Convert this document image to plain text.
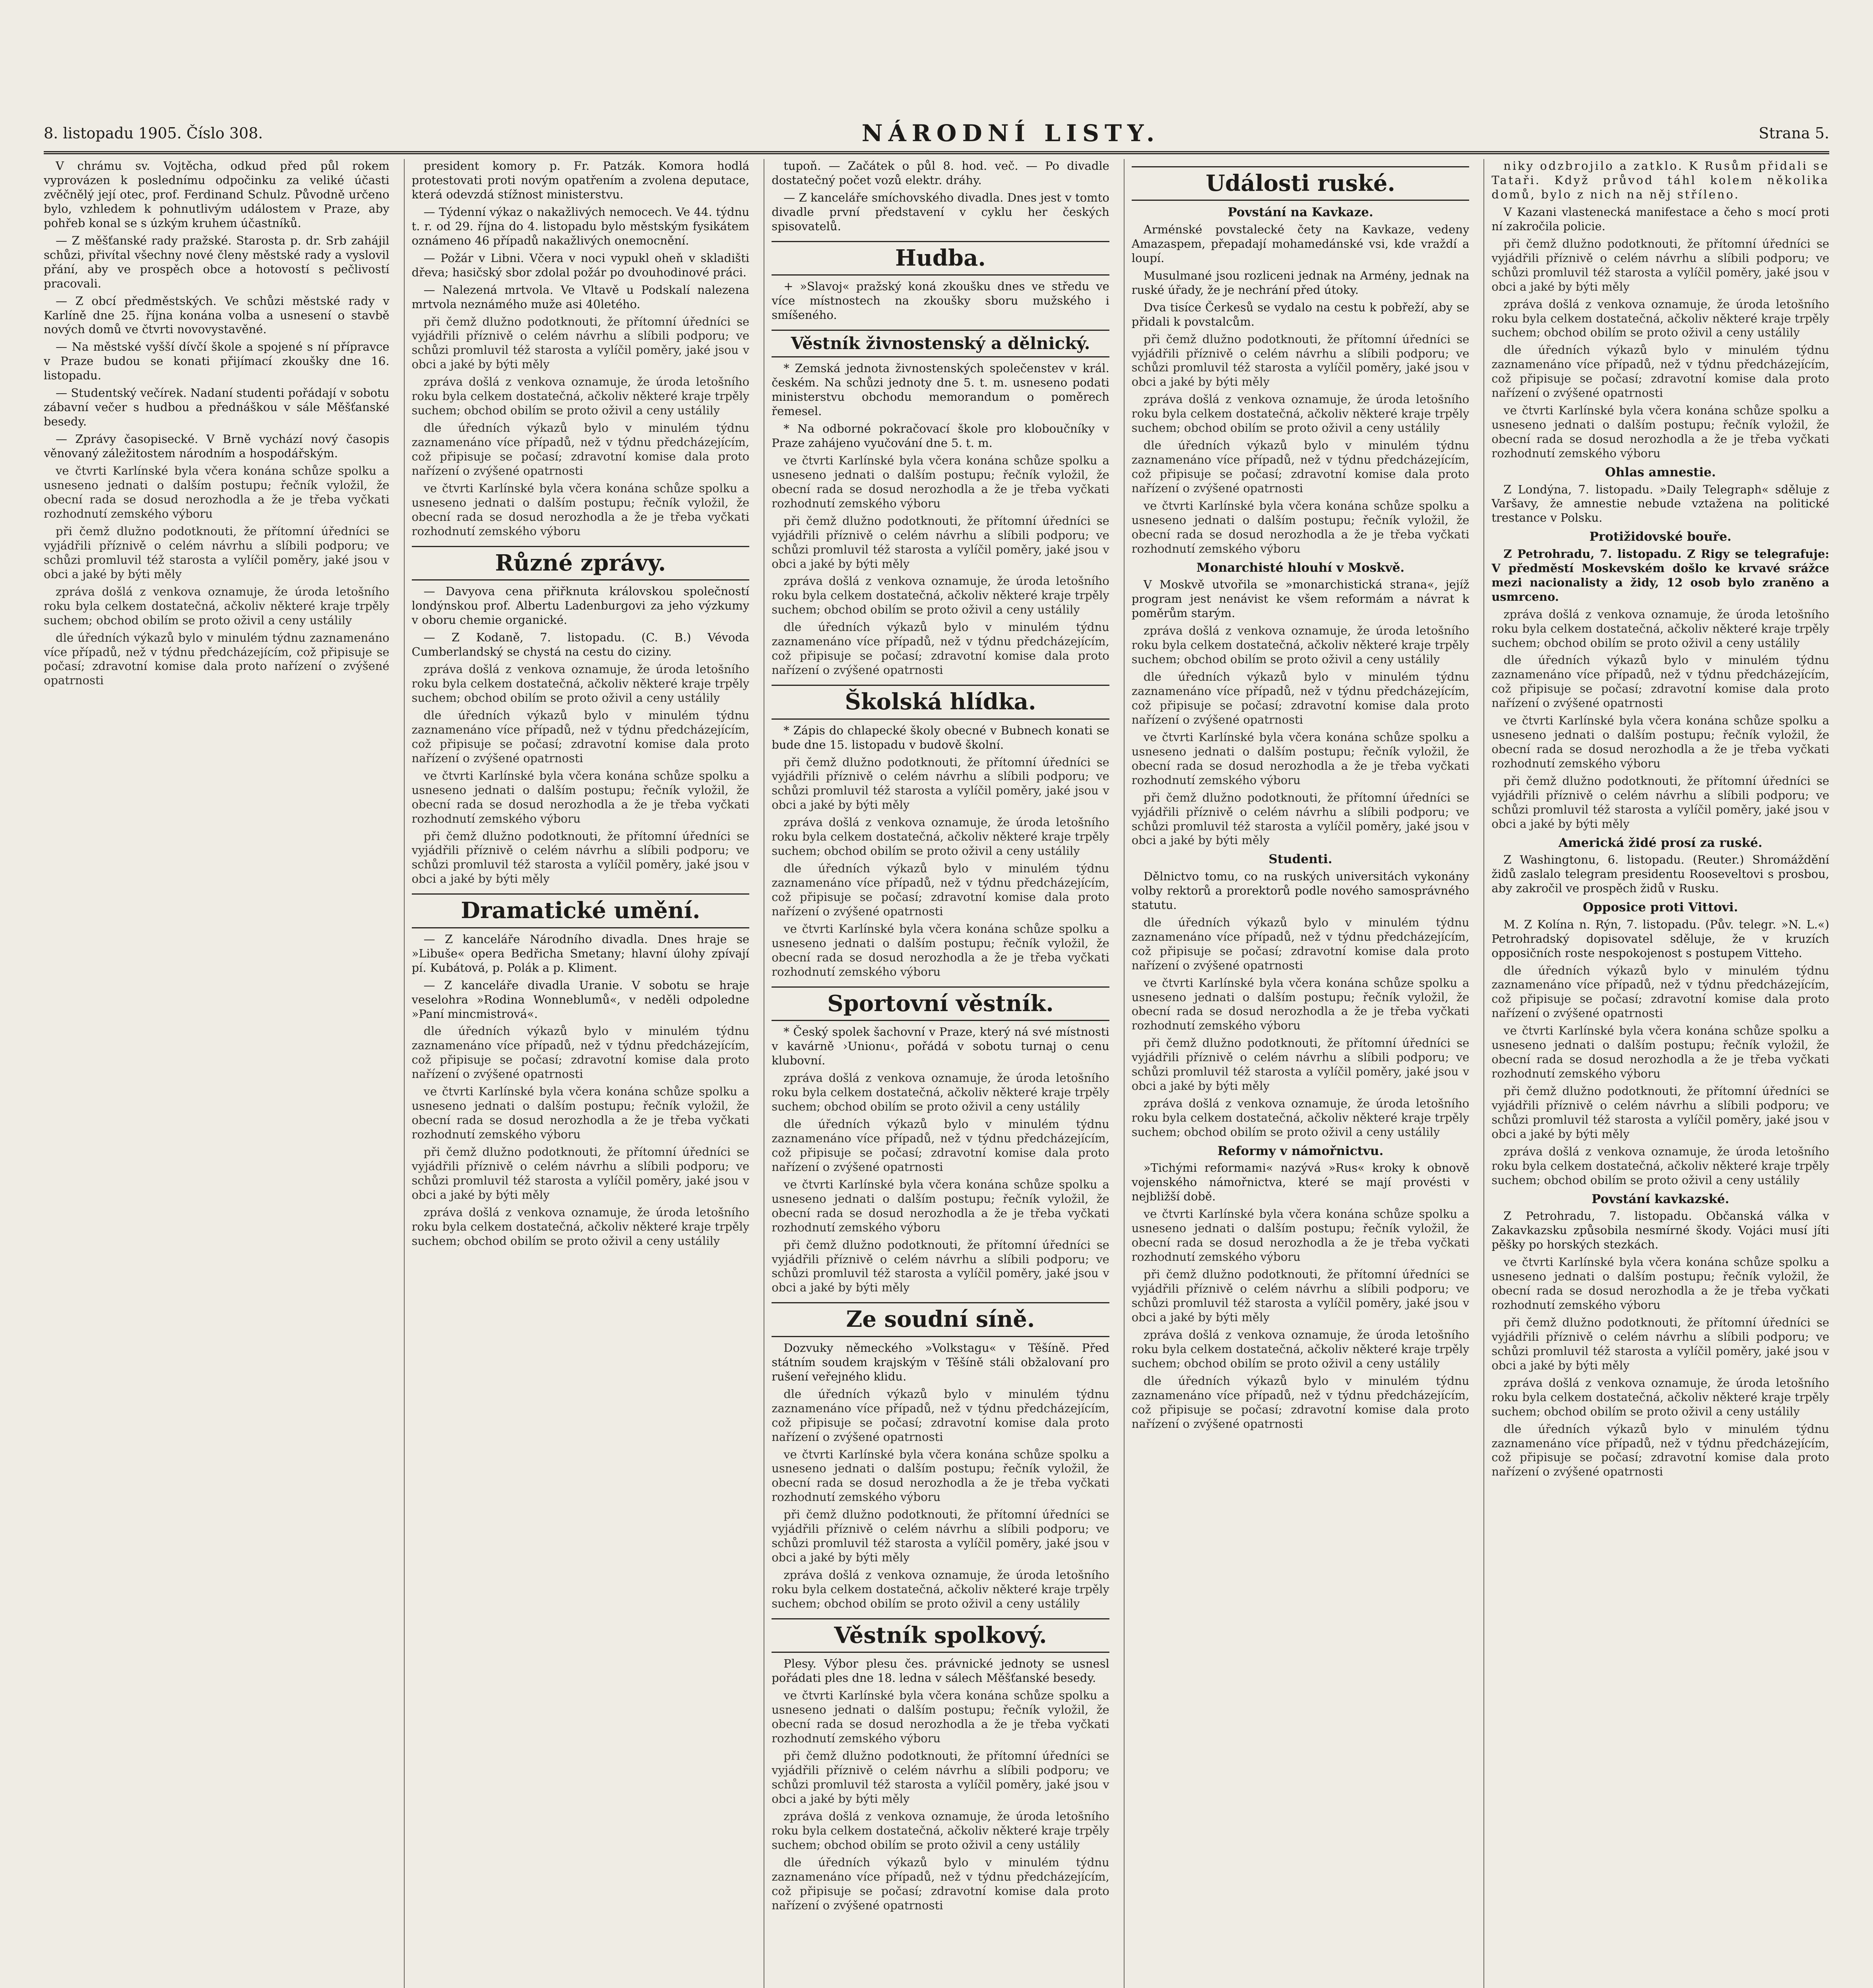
8. listopadu 1905. Číslo 308.	NÁRODNÍ LISTY.	Strana 5.

V chrámu sv. Vojtěcha, odkud před půl rokem vyprovázen k poslednímu odpočinku za veliké účasti zvěčnělý její otec, prof. Ferdinand Schulz. Původně určeno bylo, vzhledem k pohnutlivým událostem v Praze, aby pohřeb konal se s úzkým kruhem účastníků.

— Z měšťanské rady pražské. Starosta p. dr. Srb zahájil schůzi, přivítal všechny nové členy městské rady a vyslovil přání, aby ve prospěch obce a hotovostí s pečlivostí pracovali.

— Z obcí předměstských. Ve schůzi městské rady v Karlíně dne 25. října konána volba a usnesení o stavbě nových domů ve čtvrti novovystavěné.

— Na městské vyšší dívčí škole a spojené s ní přípravce v Praze budou se konati přijímací zkoušky dne 16. listopadu.

— Studentský večírek. Nadaní studenti pořádají v sobotu zábavní večer s hudbou a přednáškou v sále Měšťanské besedy.

— Zprávy časopisecké. V Brně vychází nový časopis věnovaný záležitostem národním a hospodářským.

ve čtvrti Karlínské byla včera konána schůze spolku a usneseno jednati o dalším postupu; řečník vyložil, že obecní rada se dosud nerozhodla a že je třeba vyčkati rozhodnutí zemského výboru

při čemž dlužno podotknouti, že přítomní úředníci se vyjádřili příznivě o celém návrhu a slíbili podporu; ve schůzi promluvil též starosta a vylíčil poměry, jaké jsou v obci a jaké by býti měly

zpráva došlá z venkova oznamuje, že úroda letošního roku byla celkem dostatečná, ačkoliv některé kraje trpěly suchem; obchod obilím se proto oživil a ceny ustálily

dle úředních výkazů bylo v minulém týdnu zaznamenáno více případů, než v týdnu předcházejícím, což připisuje se počasí; zdravotní komise dala proto nařízení o zvýšené opatrnosti

president komory p. Fr. Patzák. Komora hodlá protestovati proti novým opatřením a zvolena deputace, která odevzdá stížnost ministerstvu.

— Týdenní výkaz o nakažlivých nemocech. Ve 44. týdnu t. r. od 29. října do 4. listopadu bylo městským fysikátem oznámeno 46 případů nakažlivých onemocnění.

— Požár v Libni. Včera v noci vypukl oheň v skladišti dřeva; hasičský sbor zdolal požár po dvouhodinové práci.

— Nalezená mrtvola. Ve Vltavě u Podskalí nalezena mrtvola neznámého muže asi 40letého.

při čemž dlužno podotknouti, že přítomní úředníci se vyjádřili příznivě o celém návrhu a slíbili podporu; ve schůzi promluvil též starosta a vylíčil poměry, jaké jsou v obci a jaké by býti měly

zpráva došlá z venkova oznamuje, že úroda letošního roku byla celkem dostatečná, ačkoliv některé kraje trpěly suchem; obchod obilím se proto oživil a ceny ustálily

dle úředních výkazů bylo v minulém týdnu zaznamenáno více případů, než v týdnu předcházejícím, což připisuje se počasí; zdravotní komise dala proto nařízení o zvýšené opatrnosti

ve čtvrti Karlínské byla včera konána schůze spolku a usneseno jednati o dalším postupu; řečník vyložil, že obecní rada se dosud nerozhodla a že je třeba vyčkati rozhodnutí zemského výboru

Různé zprávy.

— Davyova cena přiřknuta královskou společností londýnskou prof. Albertu Ladenburgovi za jeho výzkumy v oboru chemie organické.

— Z Kodaně, 7. listopadu. (C. B.) Vévoda Cumberlandský se chystá na cestu do ciziny.

zpráva došlá z venkova oznamuje, že úroda letošního roku byla celkem dostatečná, ačkoliv některé kraje trpěly suchem; obchod obilím se proto oživil a ceny ustálily

dle úředních výkazů bylo v minulém týdnu zaznamenáno více případů, než v týdnu předcházejícím, což připisuje se počasí; zdravotní komise dala proto nařízení o zvýšené opatrnosti

ve čtvrti Karlínské byla včera konána schůze spolku a usneseno jednati o dalším postupu; řečník vyložil, že obecní rada se dosud nerozhodla a že je třeba vyčkati rozhodnutí zemského výboru

při čemž dlužno podotknouti, že přítomní úředníci se vyjádřili příznivě o celém návrhu a slíbili podporu; ve schůzi promluvil též starosta a vylíčil poměry, jaké jsou v obci a jaké by býti měly

Dramatické umění.

— Z kanceláře Národního divadla. Dnes hraje se »Libuše« opera Bedřicha Smetany; hlavní úlohy zpívají pí. Kubátová, p. Polák a p. Kliment.

— Z kanceláře divadla Uranie. V sobotu se hraje veselohra »Rodina Wonneblumů«, v neděli odpoledne »Paní mincmistrová«.

dle úředních výkazů bylo v minulém týdnu zaznamenáno více případů, než v týdnu předcházejícím, což připisuje se počasí; zdravotní komise dala proto nařízení o zvýšené opatrnosti

ve čtvrti Karlínské byla včera konána schůze spolku a usneseno jednati o dalším postupu; řečník vyložil, že obecní rada se dosud nerozhodla a že je třeba vyčkati rozhodnutí zemského výboru

při čemž dlužno podotknouti, že přítomní úředníci se vyjádřili příznivě o celém návrhu a slíbili podporu; ve schůzi promluvil též starosta a vylíčil poměry, jaké jsou v obci a jaké by býti měly

zpráva došlá z venkova oznamuje, že úroda letošního roku byla celkem dostatečná, ačkoliv některé kraje trpěly suchem; obchod obilím se proto oživil a ceny ustálily

tupoň. — Začátek o půl 8. hod. več. — Po divadle dostatečný počet vozů elektr. dráhy.

— Z kanceláře smíchovského divadla. Dnes jest v tomto divadle první představení v cyklu her českých spisovatelů.

Hudba.

+ »Slavoj« pražský koná zkoušku dnes ve středu ve více místnostech na zkoušky sboru mužského i smíšeného.

Věstník živnostenský a dělnický.

* Zemská jednota živnostenských společenstev v král. českém. Na schůzi jednoty dne 5. t. m. usneseno podati ministerstvu obchodu memorandum o poměrech řemesel.

* Na odborné pokračovací škole pro kloboučníky v Praze zahájeno vyučování dne 5. t. m.

ve čtvrti Karlínské byla včera konána schůze spolku a usneseno jednati o dalším postupu; řečník vyložil, že obecní rada se dosud nerozhodla a že je třeba vyčkati rozhodnutí zemského výboru

při čemž dlužno podotknouti, že přítomní úředníci se vyjádřili příznivě o celém návrhu a slíbili podporu; ve schůzi promluvil též starosta a vylíčil poměry, jaké jsou v obci a jaké by býti měly

zpráva došlá z venkova oznamuje, že úroda letošního roku byla celkem dostatečná, ačkoliv některé kraje trpěly suchem; obchod obilím se proto oživil a ceny ustálily

dle úředních výkazů bylo v minulém týdnu zaznamenáno více případů, než v týdnu předcházejícím, což připisuje se počasí; zdravotní komise dala proto nařízení o zvýšené opatrnosti

Školská hlídka.

* Zápis do chlapecké školy obecné v Bubnech konati se bude dne 15. listopadu v budově školní.

při čemž dlužno podotknouti, že přítomní úředníci se vyjádřili příznivě o celém návrhu a slíbili podporu; ve schůzi promluvil též starosta a vylíčil poměry, jaké jsou v obci a jaké by býti měly

zpráva došlá z venkova oznamuje, že úroda letošního roku byla celkem dostatečná, ačkoliv některé kraje trpěly suchem; obchod obilím se proto oživil a ceny ustálily

dle úředních výkazů bylo v minulém týdnu zaznamenáno více případů, než v týdnu předcházejícím, což připisuje se počasí; zdravotní komise dala proto nařízení o zvýšené opatrnosti

ve čtvrti Karlínské byla včera konána schůze spolku a usneseno jednati o dalším postupu; řečník vyložil, že obecní rada se dosud nerozhodla a že je třeba vyčkati rozhodnutí zemského výboru

Sportovní věstník.

* Český spolek šachovní v Praze, který ná své místnosti v kavárně ›Unionu‹, pořádá v sobotu turnaj o cenu klubovní.

zpráva došlá z venkova oznamuje, že úroda letošního roku byla celkem dostatečná, ačkoliv některé kraje trpěly suchem; obchod obilím se proto oživil a ceny ustálily

dle úředních výkazů bylo v minulém týdnu zaznamenáno více případů, než v týdnu předcházejícím, což připisuje se počasí; zdravotní komise dala proto nařízení o zvýšené opatrnosti

ve čtvrti Karlínské byla včera konána schůze spolku a usneseno jednati o dalším postupu; řečník vyložil, že obecní rada se dosud nerozhodla a že je třeba vyčkati rozhodnutí zemského výboru

při čemž dlužno podotknouti, že přítomní úředníci se vyjádřili příznivě o celém návrhu a slíbili podporu; ve schůzi promluvil též starosta a vylíčil poměry, jaké jsou v obci a jaké by býti měly

Ze soudní síně.

Dozvuky německého »Volkstagu« v Těšíně. Před státním soudem krajským v Těšíně stáli obžalovaní pro rušení veřejného klidu.

dle úředních výkazů bylo v minulém týdnu zaznamenáno více případů, než v týdnu předcházejícím, což připisuje se počasí; zdravotní komise dala proto nařízení o zvýšené opatrnosti

ve čtvrti Karlínské byla včera konána schůze spolku a usneseno jednati o dalším postupu; řečník vyložil, že obecní rada se dosud nerozhodla a že je třeba vyčkati rozhodnutí zemského výboru

při čemž dlužno podotknouti, že přítomní úředníci se vyjádřili příznivě o celém návrhu a slíbili podporu; ve schůzi promluvil též starosta a vylíčil poměry, jaké jsou v obci a jaké by býti měly

zpráva došlá z venkova oznamuje, že úroda letošního roku byla celkem dostatečná, ačkoliv některé kraje trpěly suchem; obchod obilím se proto oživil a ceny ustálily

Věstník spolkový.

Plesy. Výbor plesu čes. právnické jednoty se usnesl pořádati ples dne 18. ledna v sálech Měšťanské besedy.

ve čtvrti Karlínské byla včera konána schůze spolku a usneseno jednati o dalším postupu; řečník vyložil, že obecní rada se dosud nerozhodla a že je třeba vyčkati rozhodnutí zemského výboru

při čemž dlužno podotknouti, že přítomní úředníci se vyjádřili příznivě o celém návrhu a slíbili podporu; ve schůzi promluvil též starosta a vylíčil poměry, jaké jsou v obci a jaké by býti měly

zpráva došlá z venkova oznamuje, že úroda letošního roku byla celkem dostatečná, ačkoliv některé kraje trpěly suchem; obchod obilím se proto oživil a ceny ustálily

dle úředních výkazů bylo v minulém týdnu zaznamenáno více případů, než v týdnu předcházejícím, což připisuje se počasí; zdravotní komise dala proto nařízení o zvýšené opatrnosti

Události ruské.
Povstání na Kavkaze.

Arménské povstalecké čety na Kavkaze, vedeny Amazaspem, přepadají mohamedánské vsi, kde vraždí a loupí.

Musulmané jsou rozliceni jednak na Armény, jednak na ruské úřady, že je nechrání před útoky.

Dva tisíce Čerkesů se vydalo na cestu k pobřeží, aby se přidali k povstalcům.

při čemž dlužno podotknouti, že přítomní úředníci se vyjádřili příznivě o celém návrhu a slíbili podporu; ve schůzi promluvil též starosta a vylíčil poměry, jaké jsou v obci a jaké by býti měly

zpráva došlá z venkova oznamuje, že úroda letošního roku byla celkem dostatečná, ačkoliv některé kraje trpěly suchem; obchod obilím se proto oživil a ceny ustálily

dle úředních výkazů bylo v minulém týdnu zaznamenáno více případů, než v týdnu předcházejícím, což připisuje se počasí; zdravotní komise dala proto nařízení o zvýšené opatrnosti

ve čtvrti Karlínské byla včera konána schůze spolku a usneseno jednati o dalším postupu; řečník vyložil, že obecní rada se dosud nerozhodla a že je třeba vyčkati rozhodnutí zemského výboru

Monarchisté hlouhí v Moskvě.

V Moskvě utvořila se »monarchistická strana«, jejíž program jest nenávist ke všem reformám a návrat k poměrům starým.

zpráva došlá z venkova oznamuje, že úroda letošního roku byla celkem dostatečná, ačkoliv některé kraje trpěly suchem; obchod obilím se proto oživil a ceny ustálily

dle úředních výkazů bylo v minulém týdnu zaznamenáno více případů, než v týdnu předcházejícím, což připisuje se počasí; zdravotní komise dala proto nařízení o zvýšené opatrnosti

ve čtvrti Karlínské byla včera konána schůze spolku a usneseno jednati o dalším postupu; řečník vyložil, že obecní rada se dosud nerozhodla a že je třeba vyčkati rozhodnutí zemského výboru

při čemž dlužno podotknouti, že přítomní úředníci se vyjádřili příznivě o celém návrhu a slíbili podporu; ve schůzi promluvil též starosta a vylíčil poměry, jaké jsou v obci a jaké by býti měly

Studenti.

Dělnictvo tomu, co na ruských universitách vykonány volby rektorů a prorektorů podle nového samosprávného statutu.

dle úředních výkazů bylo v minulém týdnu zaznamenáno více případů, než v týdnu předcházejícím, což připisuje se počasí; zdravotní komise dala proto nařízení o zvýšené opatrnosti

ve čtvrti Karlínské byla včera konána schůze spolku a usneseno jednati o dalším postupu; řečník vyložil, že obecní rada se dosud nerozhodla a že je třeba vyčkati rozhodnutí zemského výboru

při čemž dlužno podotknouti, že přítomní úředníci se vyjádřili příznivě o celém návrhu a slíbili podporu; ve schůzi promluvil též starosta a vylíčil poměry, jaké jsou v obci a jaké by býti měly

zpráva došlá z venkova oznamuje, že úroda letošního roku byla celkem dostatečná, ačkoliv některé kraje trpěly suchem; obchod obilím se proto oživil a ceny ustálily

Reformy v námořnictvu.

»Tichými reformami« nazývá »Rus« kroky k obnově vojenského námořnictva, které se mají provésti v nejbližší době.

ve čtvrti Karlínské byla včera konána schůze spolku a usneseno jednati o dalším postupu; řečník vyložil, že obecní rada se dosud nerozhodla a že je třeba vyčkati rozhodnutí zemského výboru

při čemž dlužno podotknouti, že přítomní úředníci se vyjádřili příznivě o celém návrhu a slíbili podporu; ve schůzi promluvil též starosta a vylíčil poměry, jaké jsou v obci a jaké by býti měly

zpráva došlá z venkova oznamuje, že úroda letošního roku byla celkem dostatečná, ačkoliv některé kraje trpěly suchem; obchod obilím se proto oživil a ceny ustálily

dle úředních výkazů bylo v minulém týdnu zaznamenáno více případů, než v týdnu předcházejícím, což připisuje se počasí; zdravotní komise dala proto nařízení o zvýšené opatrnosti

niky odzbrojilo a zatklo. K Rusům přidali se Tataři. Když průvod táhl kolem několika domů, bylo z nich na něj stříleno.

V Kazani vlastenecká manifestace a čeho s mocí proti ní zakročila policie.

při čemž dlužno podotknouti, že přítomní úředníci se vyjádřili příznivě o celém návrhu a slíbili podporu; ve schůzi promluvil též starosta a vylíčil poměry, jaké jsou v obci a jaké by býti měly

zpráva došlá z venkova oznamuje, že úroda letošního roku byla celkem dostatečná, ačkoliv některé kraje trpěly suchem; obchod obilím se proto oživil a ceny ustálily

dle úředních výkazů bylo v minulém týdnu zaznamenáno více případů, než v týdnu předcházejícím, což připisuje se počasí; zdravotní komise dala proto nařízení o zvýšené opatrnosti

ve čtvrti Karlínské byla včera konána schůze spolku a usneseno jednati o dalším postupu; řečník vyložil, že obecní rada se dosud nerozhodla a že je třeba vyčkati rozhodnutí zemského výboru

Ohlas amnestie.

Z Londýna, 7. listopadu. »Daily Telegraph« sděluje z Varšavy, že amnestie nebude vztažena na politické trestance v Polsku.

Protižidovské bouře.

Z Petrohradu, 7. listopadu. Z Rigy se telegrafuje: V předměstí Moskevském došlo ke krvavé srážce mezi nacionalisty a židy, 12 osob bylo zraněno a usmrceno.

zpráva došlá z venkova oznamuje, že úroda letošního roku byla celkem dostatečná, ačkoliv některé kraje trpěly suchem; obchod obilím se proto oživil a ceny ustálily

dle úředních výkazů bylo v minulém týdnu zaznamenáno více případů, než v týdnu předcházejícím, což připisuje se počasí; zdravotní komise dala proto nařízení o zvýšené opatrnosti

ve čtvrti Karlínské byla včera konána schůze spolku a usneseno jednati o dalším postupu; řečník vyložil, že obecní rada se dosud nerozhodla a že je třeba vyčkati rozhodnutí zemského výboru

při čemž dlužno podotknouti, že přítomní úředníci se vyjádřili příznivě o celém návrhu a slíbili podporu; ve schůzi promluvil též starosta a vylíčil poměry, jaké jsou v obci a jaké by býti měly

Americká židé prosí za ruské.

Z Washingtonu, 6. listopadu. (Reuter.) Shromáždění židů zaslalo telegram presidentu Rooseveltovi s prosbou, aby zakročil ve prospěch židů v Rusku.

Opposice proti Vittovi.

M. Z Kolína n. Rýn, 7. listopadu. (Pův. telegr. »N. L.«) Petrohradský dopisovatel sděluje, že v kruzích opposičních roste nespokojenost s postupem Vitteho.

dle úředních výkazů bylo v minulém týdnu zaznamenáno více případů, než v týdnu předcházejícím, což připisuje se počasí; zdravotní komise dala proto nařízení o zvýšené opatrnosti

ve čtvrti Karlínské byla včera konána schůze spolku a usneseno jednati o dalším postupu; řečník vyložil, že obecní rada se dosud nerozhodla a že je třeba vyčkati rozhodnutí zemského výboru

při čemž dlužno podotknouti, že přítomní úředníci se vyjádřili příznivě o celém návrhu a slíbili podporu; ve schůzi promluvil též starosta a vylíčil poměry, jaké jsou v obci a jaké by býti měly

zpráva došlá z venkova oznamuje, že úroda letošního roku byla celkem dostatečná, ačkoliv některé kraje trpěly suchem; obchod obilím se proto oživil a ceny ustálily

Povstání kavkazské.

Z Petrohradu, 7. listopadu. Občanská válka v Zakavkazsku způsobila nesmírné škody. Vojáci musí jíti pěšky po horských stezkách.

ve čtvrti Karlínské byla včera konána schůze spolku a usneseno jednati o dalším postupu; řečník vyložil, že obecní rada se dosud nerozhodla a že je třeba vyčkati rozhodnutí zemského výboru

při čemž dlužno podotknouti, že přítomní úředníci se vyjádřili příznivě o celém návrhu a slíbili podporu; ve schůzi promluvil též starosta a vylíčil poměry, jaké jsou v obci a jaké by býti měly

zpráva došlá z venkova oznamuje, že úroda letošního roku byla celkem dostatečná, ačkoliv některé kraje trpěly suchem; obchod obilím se proto oživil a ceny ustálily

dle úředních výkazů bylo v minulém týdnu zaznamenáno více případů, než v týdnu předcházejícím, což připisuje se počasí; zdravotní komise dala proto nařízení o zvýšené opatrnosti
